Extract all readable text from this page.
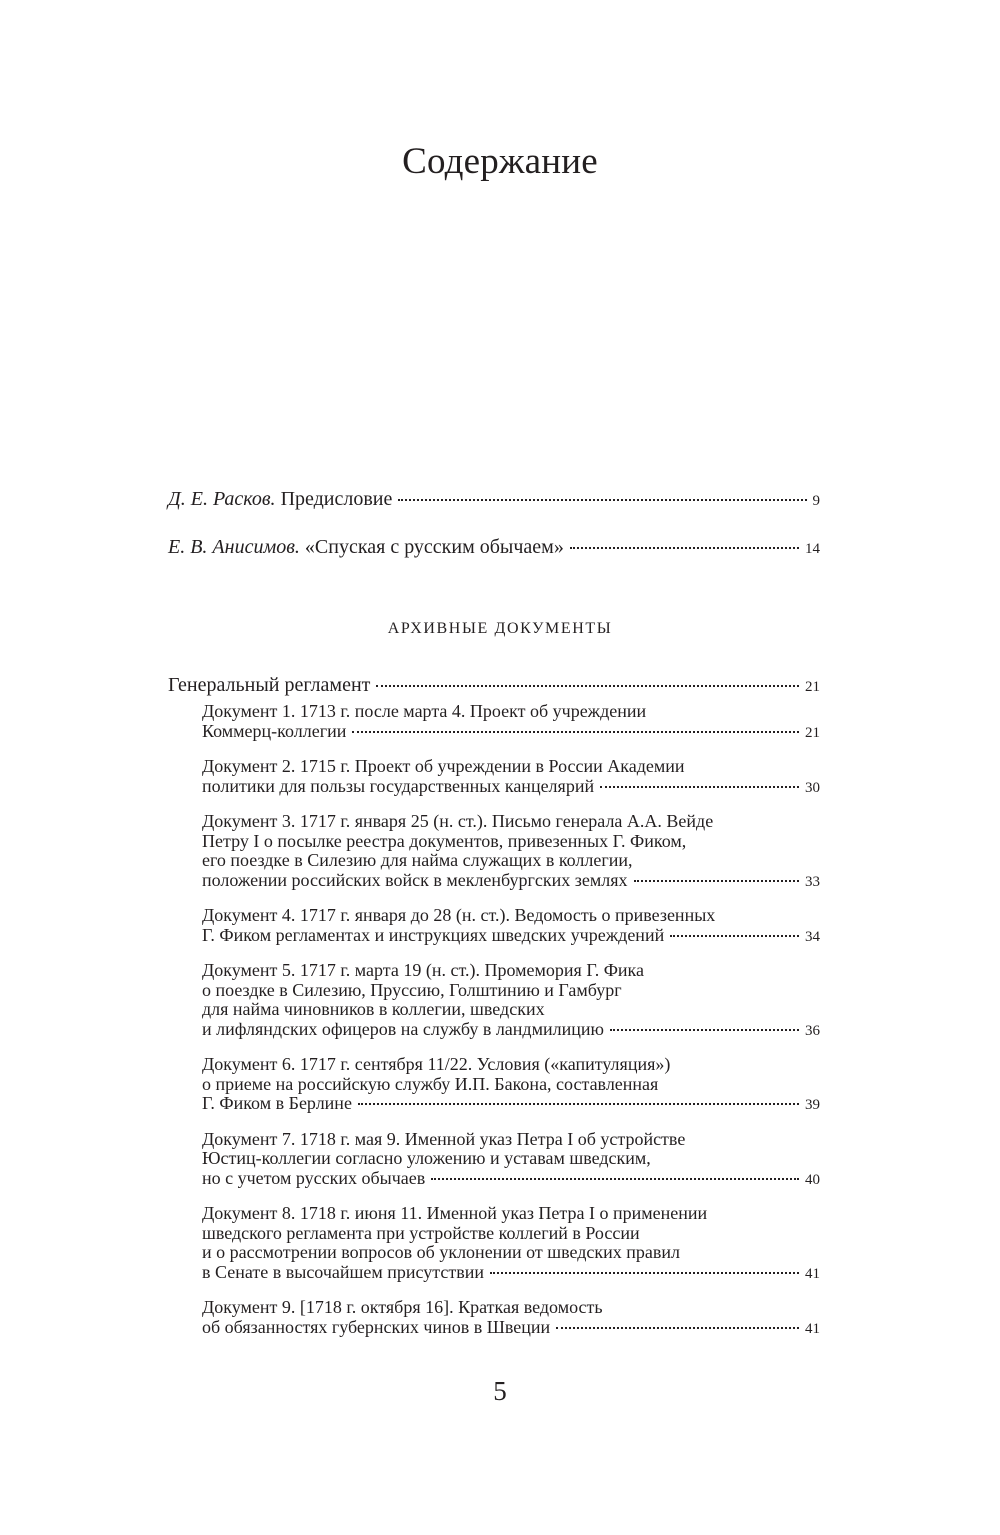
Содержание
Д. Е. Расков. Предисловие	9
Е. В. Анисимов. «Спуская с русским обычаем»	14
АРХИВНЫЕ ДОКУМЕНТЫ
Генеральный регламент	21
Документ 1. 1713 г. после марта 4. Проект об учреждении
Коммерц-коллегии	21
Документ 2. 1715 г. Проект об учреждении в России Академии
политики для пользы государственных канцелярий	30
Документ 3. 1717 г. января 25 (н. ст.). Письмо генерала А.А. Вейде
Петру I о посылке реестра документов, привезенных Г. Фиком,
его поездке в Силезию для найма служащих в коллегии,
положении российских войск в мекленбургских землях	33
Документ 4. 1717 г. января до 28 (н. ст.). Ведомость о привезенных
Г. Фиком регламентах и инструкциях шведских учреждений	34
Документ 5. 1717 г. марта 19 (н. ст.). Промемория Г. Фика
о поездке в Силезию, Пруссию, Голштинию и Гамбург
для найма чиновников в коллегии, шведских
и лифляндских офицеров на службу в ландмилицию	36
Документ 6. 1717 г. сентября 11/22. Условия («капитуляция»)
о приеме на российскую службу И.П. Бакона, составленная
Г. Фиком в Берлине	39
Документ 7. 1718 г. мая 9. Именной указ Петра I об устройстве
Юстиц-коллегии согласно уложению и уставам шведским,
но с учетом русских обычаев	40
Документ 8. 1718 г. июня 11. Именной указ Петра I о применении
шведского регламента при устройстве коллегий в России
и о рассмотрении вопросов об уклонении от шведских правил
в Сенате в высочайшем присутствии	41
Документ 9. [1718 г. октября 16]. Краткая ведомость
об обязанностях губернских чинов в Швеции	41
5
